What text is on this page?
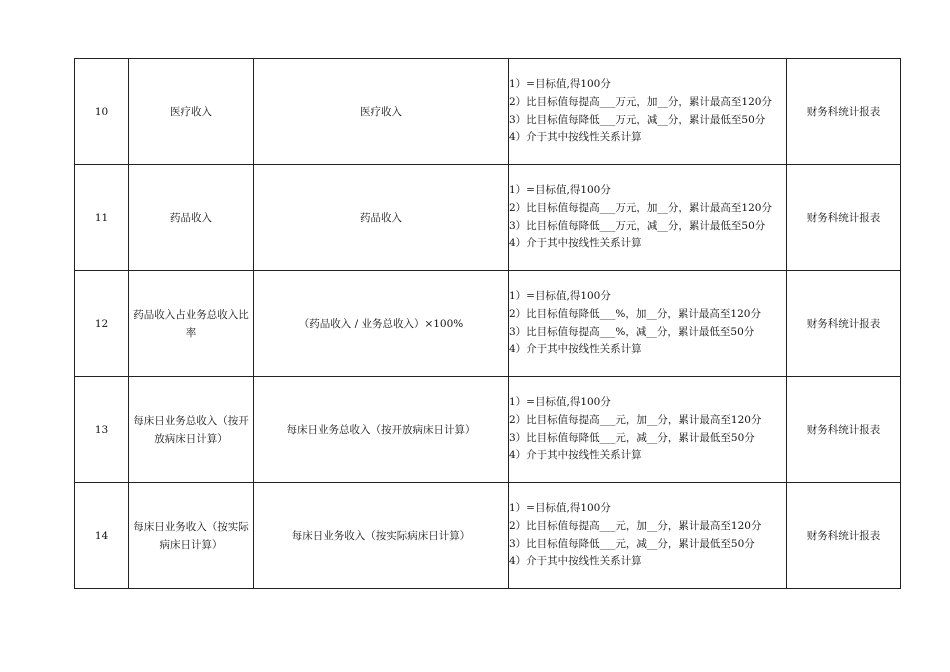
10	医疗收入	医疗收入	1）=目标值,得100分
2）比目标值每提高___万元，加__分，累计最高至120分
3）比目标值每降低___万元，减__分，累计最低至50分
4）介于其中按线性关系计算	财务科统计报表
11	药品收入	药品收入	1）=目标值,得100分
2）比目标值每提高___万元，加__分，累计最高至120分
3）比目标值每降低___万元，减__分，累计最低至50分
4）介于其中按线性关系计算	财务科统计报表
12	药品收入占业务总收入比率	（药品收入 / 业务总收入）×100%	1）=目标值,得100分
2）比目标值每降低___%，加__分，累计最高至120分
3）比目标值每提高___%，减__分，累计最低至50分
4）介于其中按线性关系计算	财务科统计报表
13	每床日业务总收入（按开放病床日计算）	每床日业务总收入（按开放病床日计算）	1）=目标值,得100分
2）比目标值每提高___元，加__分，累计最高至120分
3）比目标值每降低___元，减__分，累计最低至50分
4）介于其中按线性关系计算	财务科统计报表
14	每床日业务收入（按实际病床日计算）	每床日业务收入（按实际病床日计算）	1）=目标值,得100分
2）比目标值每提高___元，加__分，累计最高至120分
3）比目标值每降低___元，减__分，累计最低至50分
4）介于其中按线性关系计算	财务科统计报表
